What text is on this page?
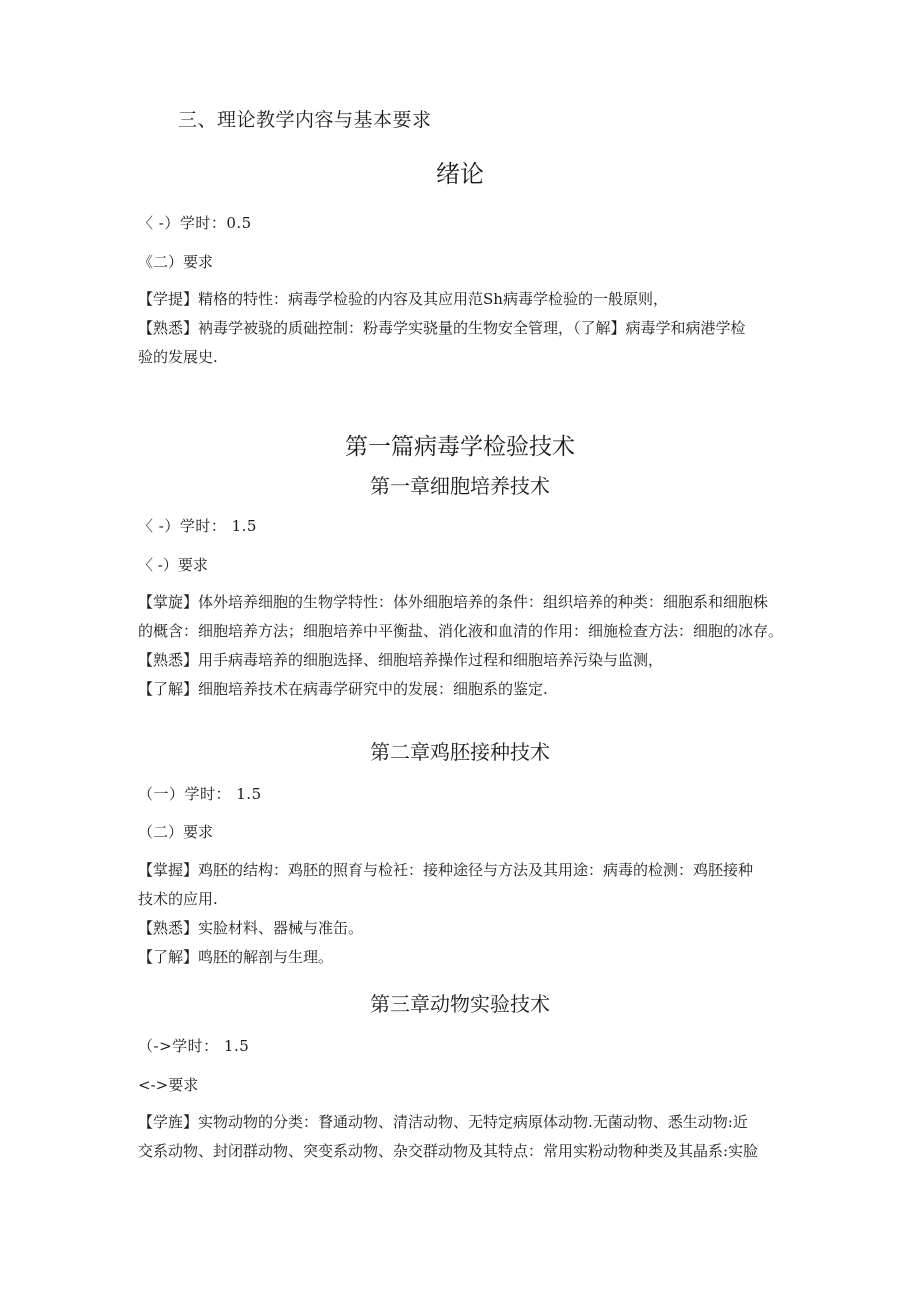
三、理论教学内容与基本要求
绪论
〈 -）学时：0.5
《二）要求

【学提】精格的特性：病毒学检验的内容及其应用范Sh病毒学检验的一般原则，

【熟悉】衲毒学被骁的质础控制：粉毒学实骁量的生物安全管理，（了解】病毒学和病港学检

验的发展史.

第一篇病毒学检验技术
第一章细胞培养技术
〈 -）学时： 1.5
〈 -）要求

【掌旋】体外培养细胞的生物学特性：体外细胞培养的条件：组织培养的种类：细胞系和细胞株

的概含：细胞培养方法；细胞培养中平衡盐、消化液和血清的作用：细施检查方法：细胞的冰存。

【熟悉】用手病毒培养的细胞选择、细胞培养操作过程和细胞培养污染与监测，

【了解】细胞培养技术在病毒学研究中的发展：细胞系的鉴定.

第二章鸡胚接种技术
（一）学时： 1.5
（二）要求

【掌握】鸡胚的结构：鸡胚的照育与检衽：接种途径与方法及其用途：病毒的检测：鸡胚接种

技术的应用.

【熟悉】实脸材料、器械与准缶。

【了解】鸣胚的解剖与生理。

第三章动物实验技术
（->学时： 1.5
<->要求

【学旌】实物动物的分类：瞀通动物、清洁动物、无特定病原体动物.无菌动物、悉生动物:近

交系动物、封闭群动物、突变系动物、杂交群动物及其特点：常用实粉动物种类及其晶系:实脸
